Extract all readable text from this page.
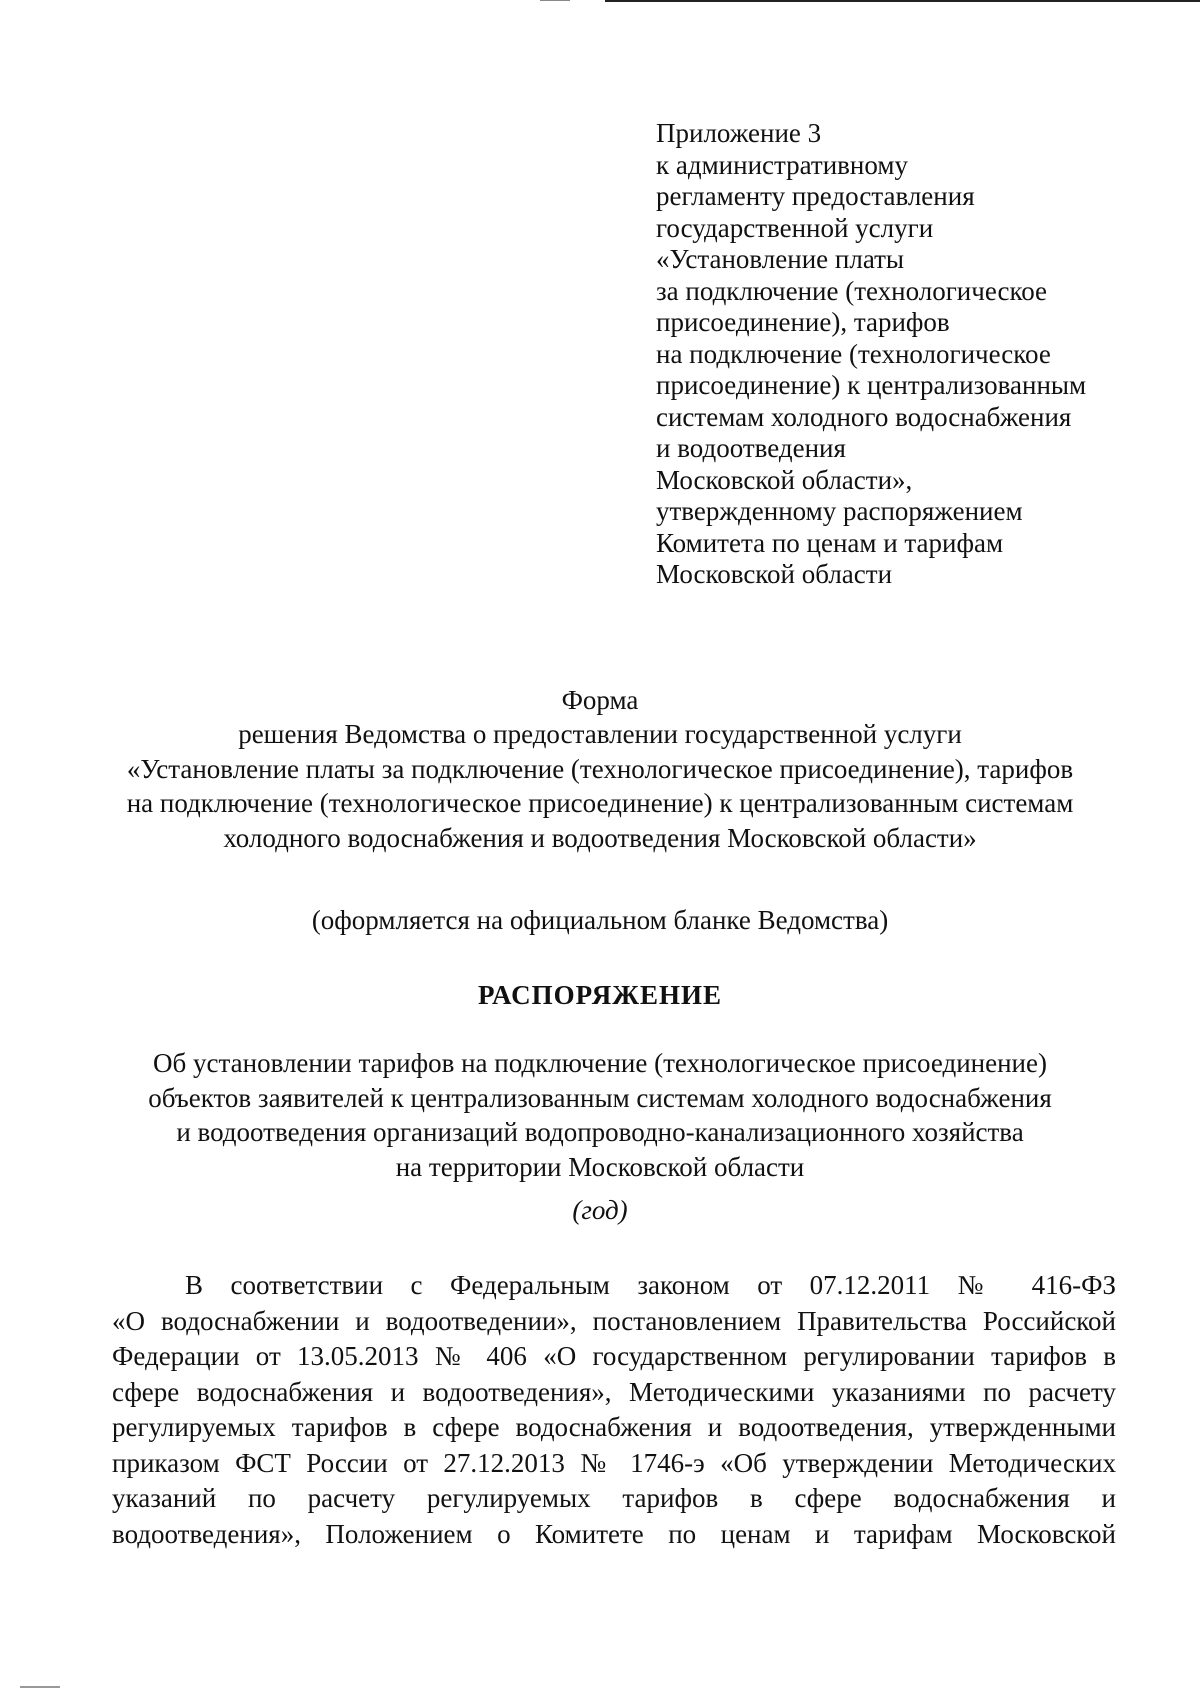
Приложение 3
к административному
регламенту предоставления
государственной услуги
«Установление платы
за подключение (технологическое
присоединение), тарифов
на подключение (технологическое
присоединение) к централизованным
системам холодного водоснабжения
и водоотведения
Московской области»,
утвержденному распоряжением
Комитета по ценам и тарифам
Московской области
Форма
решения Ведомства о предоставлении государственной услуги
«Установление платы за подключение (технологическое присоединение), тарифов
на подключение (технологическое присоединение) к централизованным системам
холодного водоснабжения и водоотведения Московской области»
(оформляется на официальном бланке Ведомства)
РАСПОРЯЖЕНИЕ
Об установлении тарифов на подключение (технологическое присоединение)
объектов заявителей к централизованным системам холодного водоснабжения
и водоотведения организаций водопроводно-канализационного хозяйства
на территории Московской области
(год)
В соответствии с Федеральным законом от 07.12.2011 № 416-ФЗ
«О водоснабжении и водоотведении», постановлением Правительства Российской
Федерации от 13.05.2013 № 406 «О государственном регулировании тарифов в
сфере водоснабжения и водоотведения», Методическими указаниями по расчету
регулируемых тарифов в сфере водоснабжения и водоотведения, утвержденными
приказом ФСТ России от 27.12.2013 № 1746-э «Об утверждении Методических
указаний по расчету регулируемых тарифов в сфере водоснабжения и
водоотведения», Положением о Комитете по ценам и тарифам Московской
